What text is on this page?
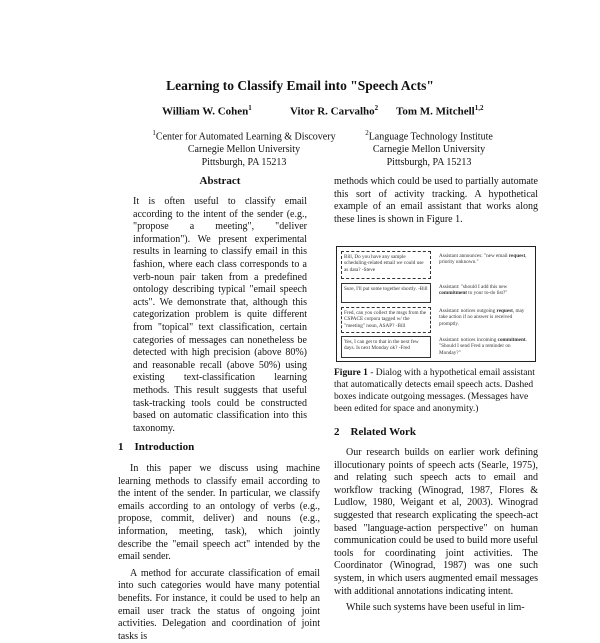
Learning to Classify Email into "Speech Acts"
William W. Cohen$^1$	Vitor R. Carvalho$^2$ Tom M. Mitchell$^{1,2}$
$^1$Center for Automated Learning & Discovery
Carnegie Mellon University
Pittsburgh, PA 15213
$^2$Language Technology Institute
Carnegie Mellon University
Pittsburgh, PA 15213
Abstract

It is often useful to classify email according to the intent of the sender (e.g., "propose a meeting", "deliver information"). We present experimental results in learning to classify email in this fashion, where each class corresponds to a verb-noun pair taken from a predefined ontology describing typical "email speech acts". We demonstrate that, although this categorization problem is quite different from "topical" text classification, certain categories of messages can nonetheless be detected with high precision (above 80%) and reasonable recall (above 50%) using existing text-classification learning methods. This result suggests that useful task-tracking tools could be constructed based on automatic classification into this taxonomy.

1 Introduction

In this paper we discuss using machine learning methods to classify email according to the intent of the sender. In particular, we classify emails according to an ontology of verbs (e.g., propose, commit, deliver) and nouns (e.g., information, meeting, task), which jointly describe the "email speech act" intended by the email sender.

A method for accurate classification of email into such categories would have many potential benefits. For instance, it could be used to help an email user track the status of ongoing joint activities. Delegation and coordination of joint tasks is

methods which could be used to partially automate this sort of activity tracking. A hypothetical example of an email assistant that works along these lines is shown in Figure 1.

Bill, Do you have any sample scheduling-related email we could use as data? -Steve
Sure, I'll put some together shortly. -Bill
Fred, can you collect the msgs from the CSPACE corpora tagged w/ the "meeting" noun, ASAP? -Bill
Yes, I can get to that in the next few days. Is next Monday ok? -Fred
Assistant announces: "new email request, priority unknown."
Assistant: "should I add this new commitment to your to-do list?"
Assistant: notices outgoing request, may take action if no answer is received promptly.
Assistant: notices incoming commitment. "Should I send Fred a reminder on Monday?"
Figure 1 - Dialog with a hypothetical email assistant that automatically detects email speech acts. Dashed boxes indicate outgoing messages. (Messages have been edited for space and anonymity.)
2 Related Work

Our research builds on earlier work defining illocutionary points of speech acts (Searle, 1975), and relating such speech acts to email and workflow tracking (Winograd, 1987, Flores & Ludlow, 1980, Weigant et al, 2003). Winograd suggested that research explicating the speech-act based "language-action perspective" on human communication could be used to build more useful tools for coordinating joint activities. The Coordinator (Winograd, 1987) was one such system, in which users augmented email messages with additional annotations indicating intent.

While such systems have been useful in lim-
